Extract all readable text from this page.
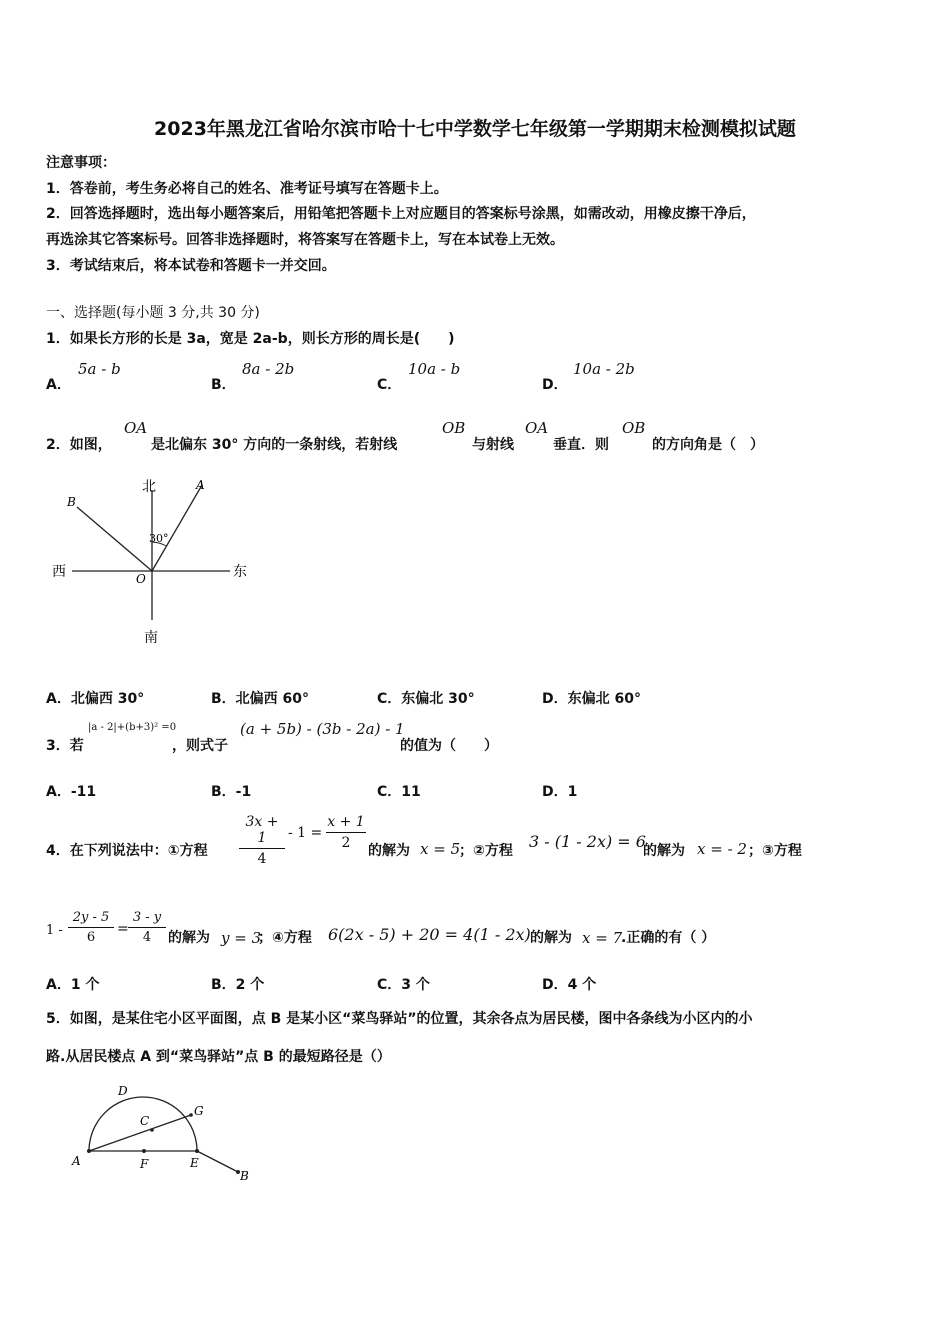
2023年黑龙江省哈尔滨市哈十七中学数学七年级第一学期期末检测模拟试题
注意事项：
1．答卷前，考生务必将自己的姓名、准考证号填写在答题卡上。
2．回答选择题时，选出每小题答案后，用铅笔把答题卡上对应题目的答案标号涂黑，如需改动，用橡皮擦干净后，
再选涂其它答案标号。回答非选择题时，将答案写在答题卡上，写在本试卷上无效。
3．考试结束后，将本试卷和答题卡一并交回。
一、选择题(每小题 3 分,共 30 分)
1．如果长方形的长是 3a，宽是 2a-b，则长方形的周长是(　　)
A．
5a - b
B．
8a - 2b
C．
10a - b
D．
10a - 2b
2．如图，
OA
是北偏东 30° 方向的一条射线，若射线
OB
与射线
OA
垂直．则
OB
的方向角是（　）
北
南
西	东
A
B
O
30°
A．北偏西 30°	B．北偏西 60°	C．东偏北 30°	D．东偏北 60°
3．若
|a - 2|+(b+3)² =0
，则式子
(a + 5b) - (3b - 2a) - 1
的值为（　　）
A．-11	B．-1	C．11	D．1
4．在下列说法中：①方程
3x + 1
4
- 1 =
x + 1
2	的解为 x = 5
；②方程 3 - (1 - 2x) = 6
的解为 x = - 2 ；③方程
1 -
2y - 5
6
=
3 - y
4	的解为 y = 3
；④方程 6(2x - 5) + 20 = 4(1 - 2x) 的解为 x = 7
.正确的有（ ）
A．1 个	B．2 个	C．3 个	D．4 个
5．如图，是某住宅小区平面图，点 B 是某小区“菜鸟驿站”的位置，其余各点为居民楼，图中各条线为小区内的小
路.从居民楼点 A 到“菜鸟驿站”点 B 的最短路径是（）
A	F	E
B
C
D
G
